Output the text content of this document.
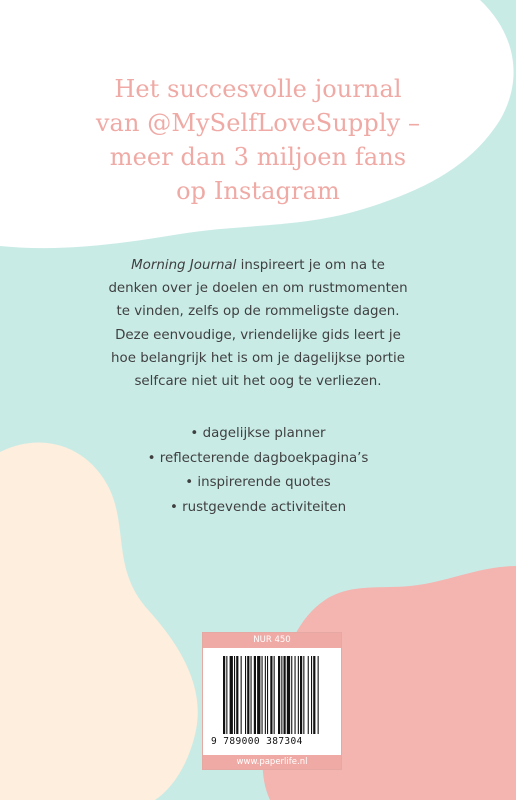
Het succesvolle journal
van @MySelfLoveSupply –
meer dan 3 miljoen fans
op Instagram
Morning Journal inspireert je om na te
denken over je doelen en om rustmomenten
te vinden, zelfs op de rommeligste dagen.
Deze eenvoudige, vriendelijke gids leert je
hoe belangrijk het is om je dagelijkse portie
selfcare niet uit het oog te verliezen.
• dagelijkse planner
• reflecterende dagboekpagina’s
• inspirerende quotes
• rustgevende activiteiten
NUR 450
9 789000 387304
www.paperlife.nl
